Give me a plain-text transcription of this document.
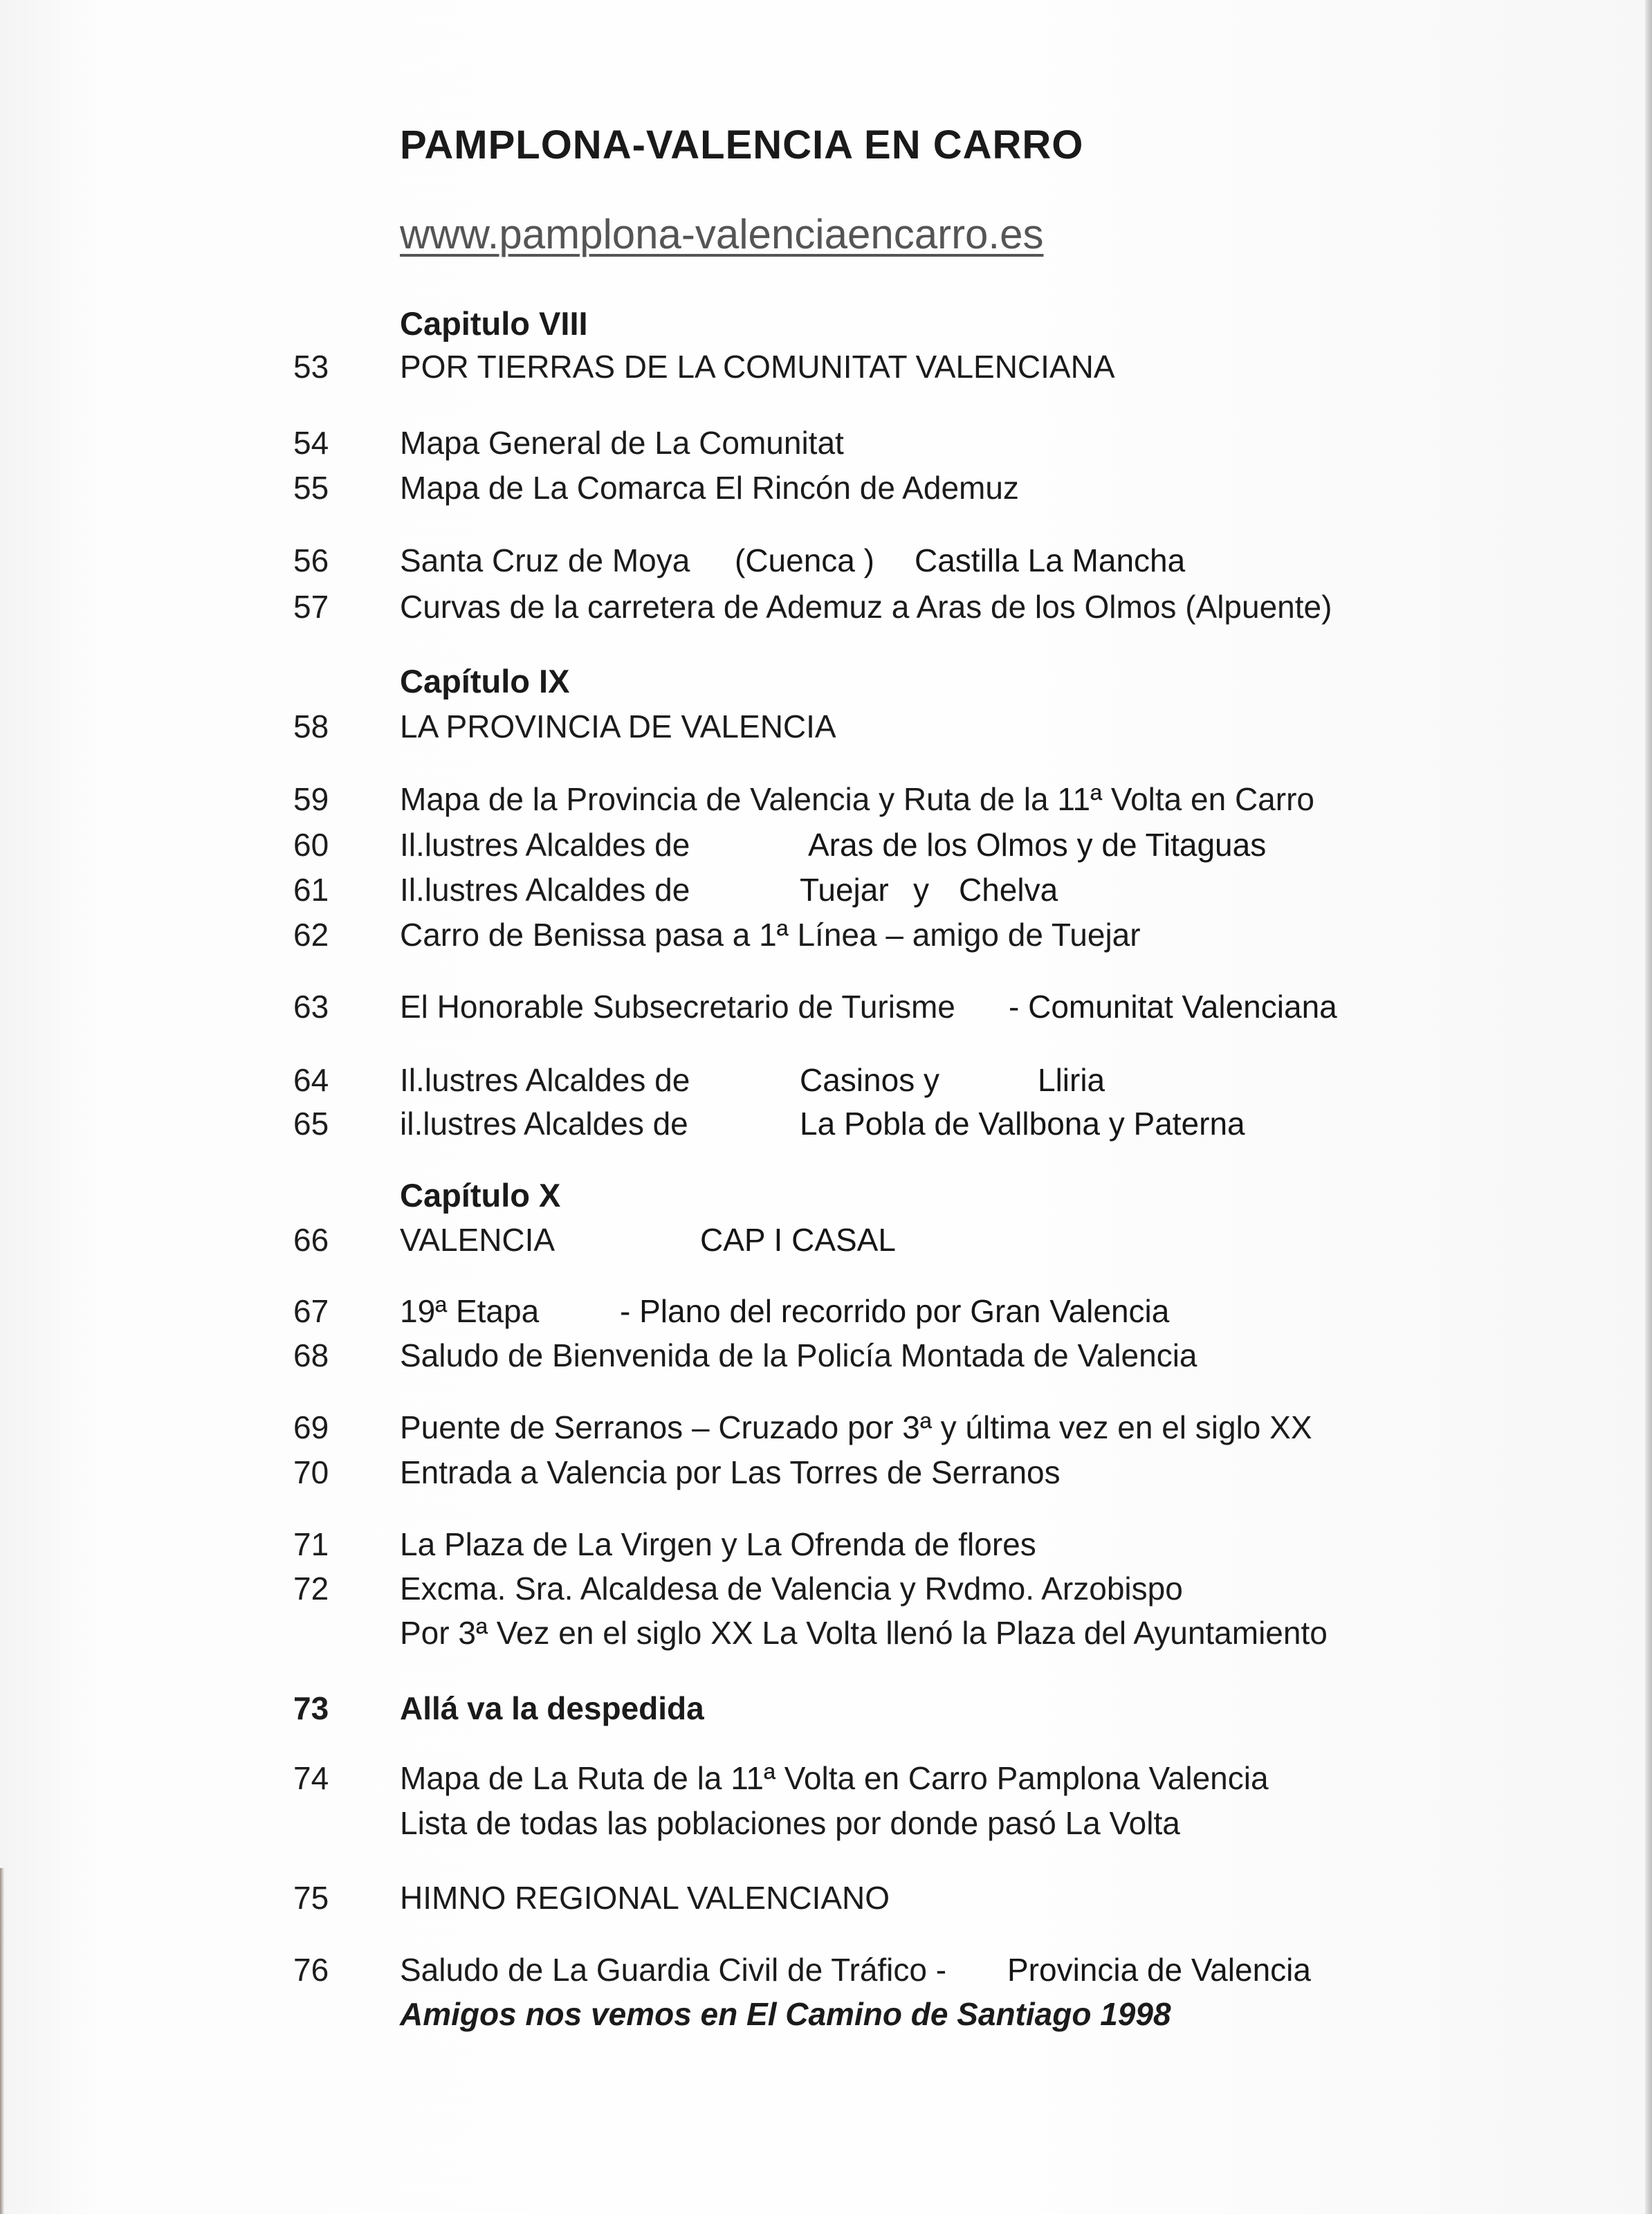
PAMPLONA-VALENCIA EN CARRO
www.pamplona-valenciaencarro.es
Capitulo VIII
53	POR TIERRAS DE LA COMUNITAT VALENCIANA
54	Mapa General de La Comunitat
55	Mapa de La Comarca El Rincón de Ademuz
56	Santa Cruz de Moya (Cuenca ) Castilla La Mancha
57	Curvas de la carretera de Ademuz a Aras de los Olmos (Alpuente)
Capítulo IX
58	LA PROVINCIA DE VALENCIA
59	Mapa de la Provincia de Valencia y Ruta de la 11ª Volta en Carro
60	Il.lustres Alcaldes de	Aras de los Olmos y de Titaguas
61	Il.lustres Alcaldes de	Tuejar y Chelva
62	Carro de Benissa pasa a 1ª Línea – amigo de Tuejar
63	El Honorable Subsecretario de Turisme - Comunitat Valenciana
64	Il.lustres Alcaldes de	Casinos y	Lliria
65	il.lustres Alcaldes de	La Pobla de Vallbona y Paterna
Capítulo X
66	VALENCIA	CAP I CASAL
67	19ª Etapa	- Plano del recorrido por Gran Valencia
68	Saludo de Bienvenida de la Policía Montada de Valencia
69	Puente de Serranos – Cruzado por 3ª y última vez en el siglo XX
70	Entrada a Valencia por Las Torres de Serranos
71	La Plaza de La Virgen y La Ofrenda de flores
72	Excma. Sra. Alcaldesa de Valencia y Rvdmo. Arzobispo
Por 3ª Vez en el siglo XX La Volta llenó la Plaza del Ayuntamiento
73	Allá va la despedida
74	Mapa de La Ruta de la 11ª Volta en Carro Pamplona Valencia
Lista de todas las poblaciones por donde pasó La Volta
75	HIMNO REGIONAL VALENCIANO
76	Saludo de La Guardia Civil de Tráfico - Provincia de Valencia
Amigos nos vemos en El Camino de Santiago 1998
